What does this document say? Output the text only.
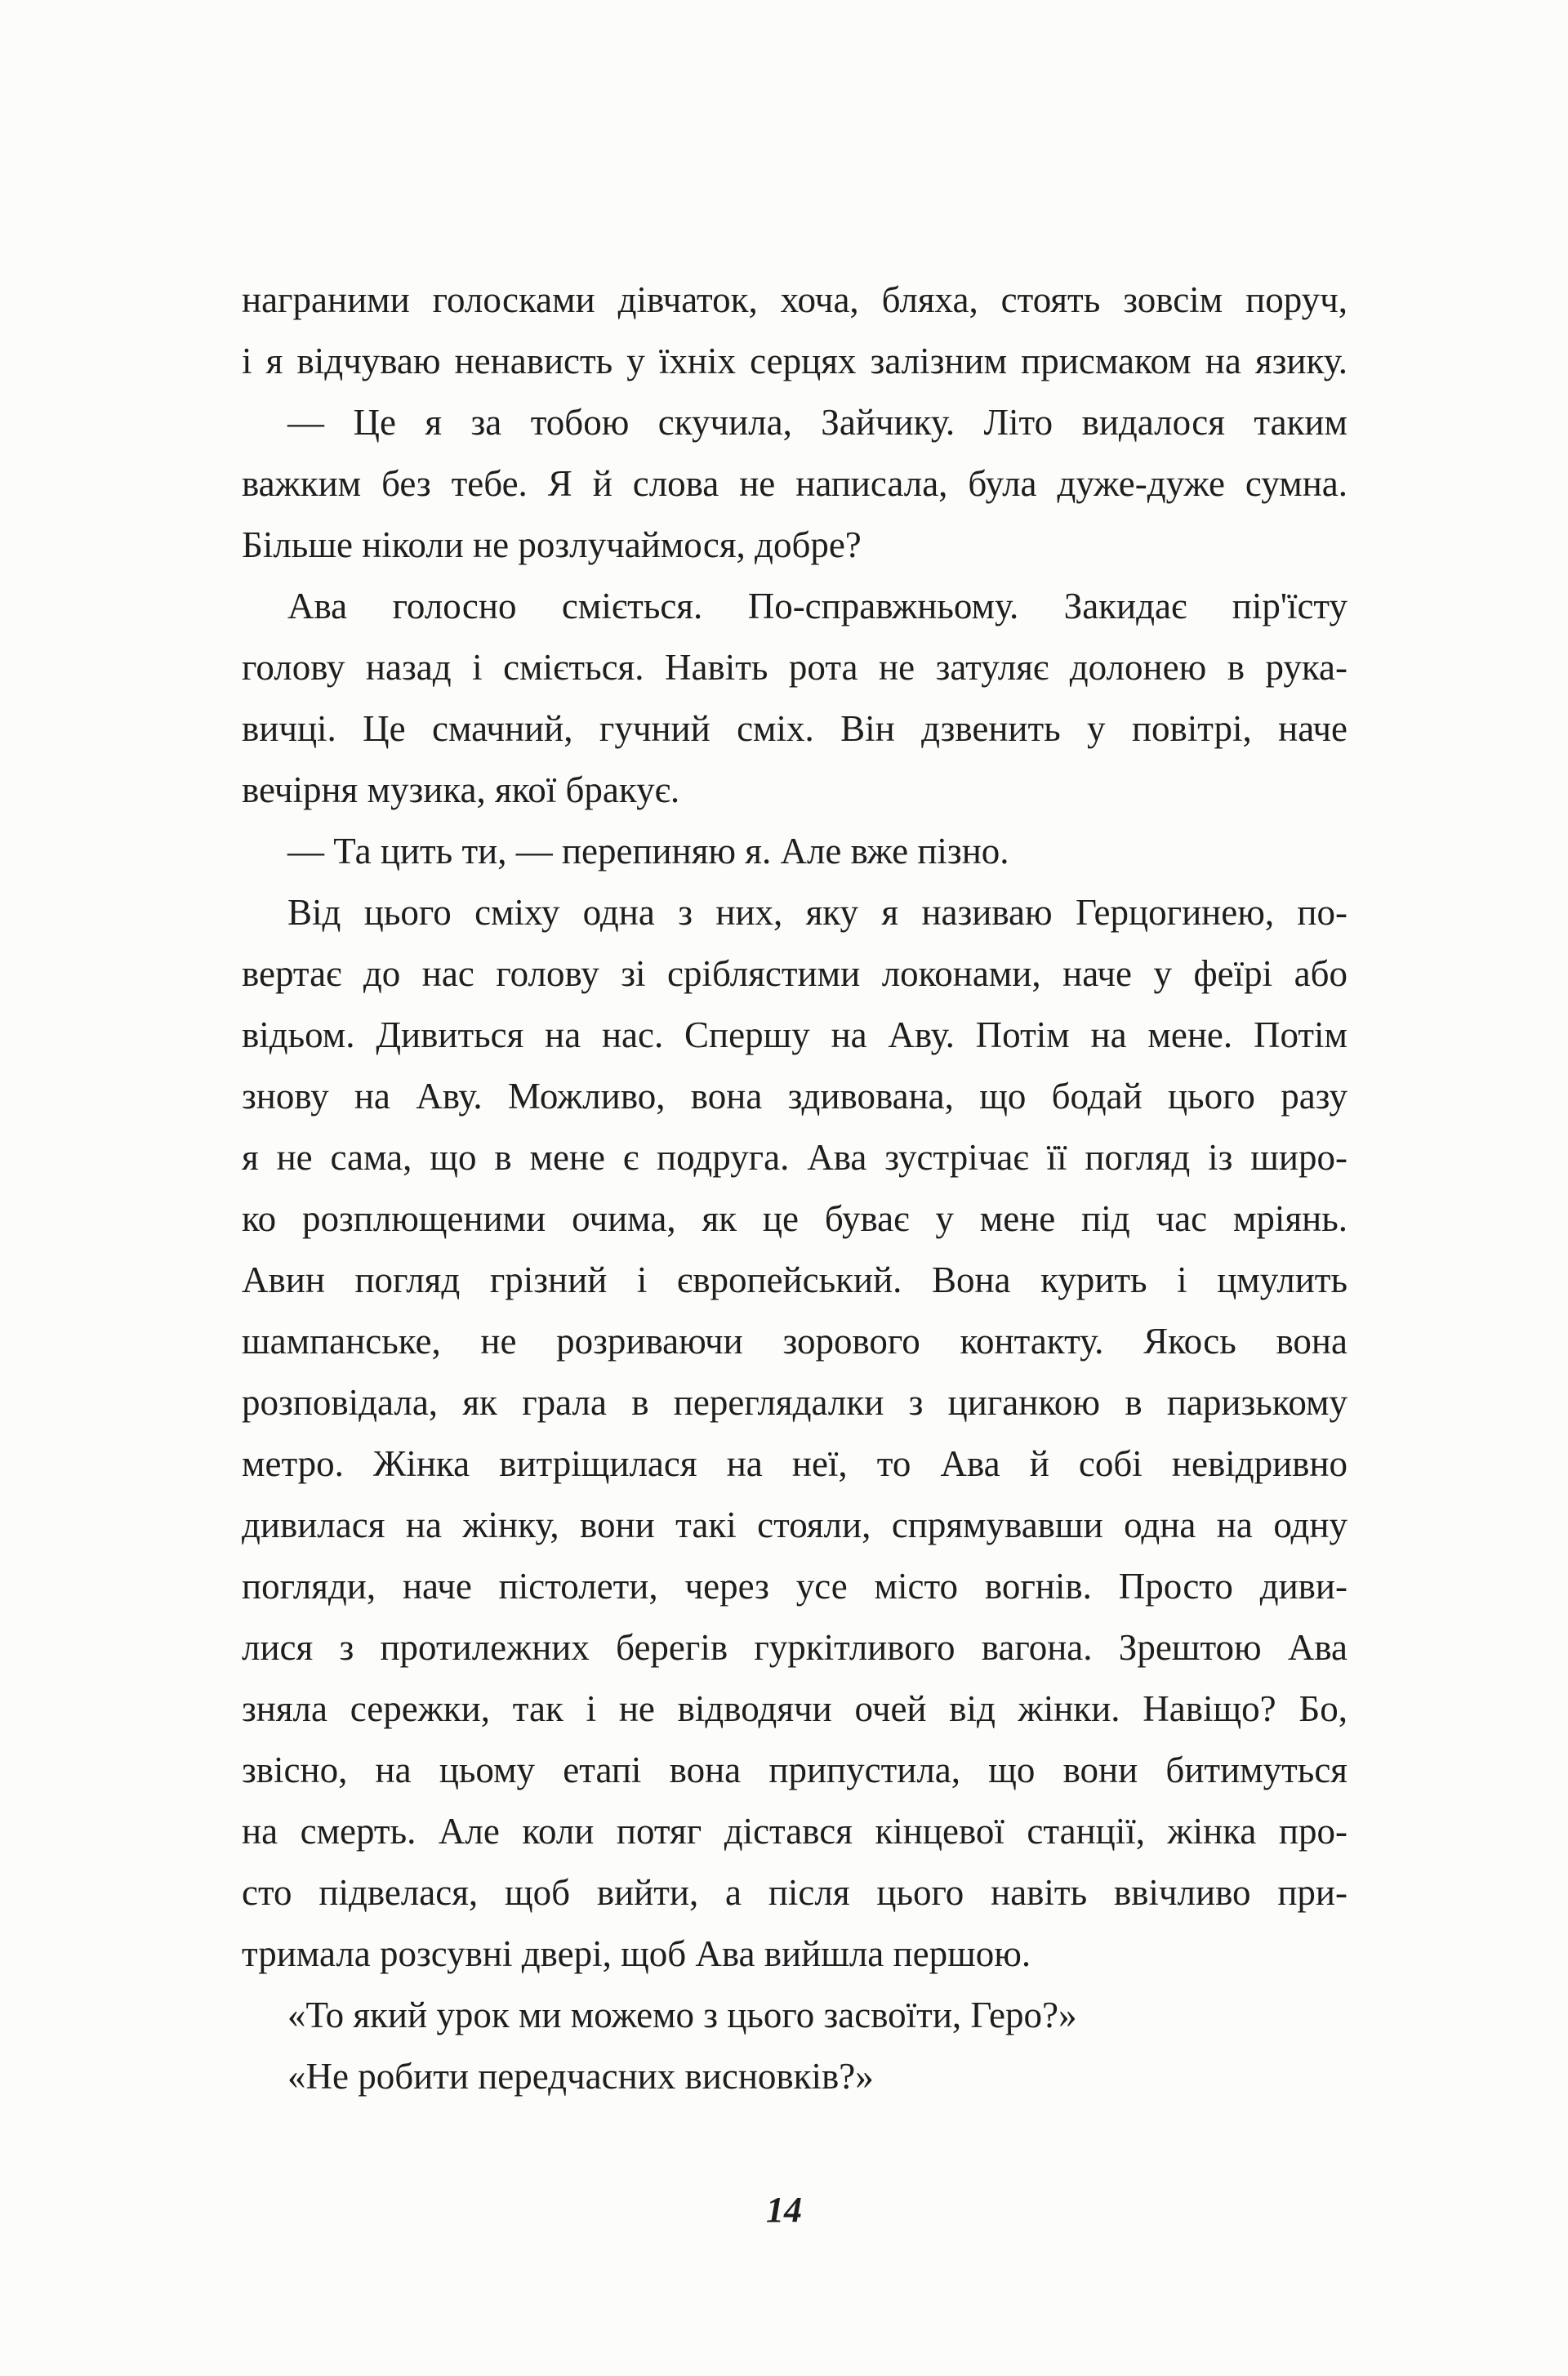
награними голосками дівчаток, хоча, бляха, стоять зовсім поруч,
і я відчуваю ненависть у їхніх серцях залізним присмаком на язику.
— Це я за тобою скучила, Зайчику. Літо видалося таким
важким без тебе. Я й слова не написала, була дуже-дуже сумна.
Більше ніколи не розлучаймося, добре?
Ава голосно сміється. По-справжньому. Закидає пір'їсту
голову назад і сміється. Навіть рота не затуляє долонею в рука-
вичці. Це смачний, гучний сміх. Він дзвенить у повітрі, наче
вечірня музика, якої бракує.
— Та цить ти, — перепиняю я. Але вже пізно.
Від цього сміху одна з них, яку я називаю Герцогинею, по-
вертає до нас голову зі сріблястими локонами, наче у феїрі або
відьом. Дивиться на нас. Спершу на Аву. Потім на мене. Потім
знову на Аву. Можливо, вона здивована, що бодай цього разу
я не сама, що в мене є подруга. Ава зустрічає її погляд із широ-
ко розплющеними очима, як це буває у мене під час мріянь.
Авин погляд грізний і європейський. Вона курить і цмулить
шампанське, не розриваючи зорового контакту. Якось вона
розповідала, як грала в переглядалки з циганкою в паризькому
метро. Жінка витріщилася на неї, то Ава й собі невідривно
дивилася на жінку, вони такі стояли, спрямувавши одна на одну
погляди, наче пістолети, через усе місто вогнів. Просто диви-
лися з протилежних берегів гуркітливого вагона. Зрештою Ава
зняла сережки, так і не відводячи очей від жінки. Навіщо? Бо,
звісно, на цьому етапі вона припустила, що вони битимуться
на смерть. Але коли потяг дістався кінцевої станції, жінка про-
сто підвелася, щоб вийти, а після цього навіть ввічливо при-
тримала розсувні двері, щоб Ава вийшла першою.
«То який урок ми можемо з цього засвоїти, Геро?»
«Не робити передчасних висновків?»
14
